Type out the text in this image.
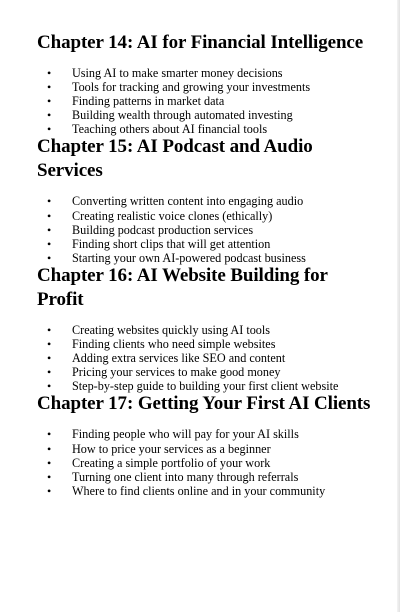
Chapter 14: AI for Financial Intelligence
• Using AI to make smarter money decisions
• Tools for tracking and growing your investments
• Finding patterns in market data
• Building wealth through automated investing
• Teaching others about AI financial tools
Chapter 15: AI Podcast and Audio Services
• Converting written content into engaging audio
• Creating realistic voice clones (ethically)
• Building podcast production services
• Finding short clips that will get attention
• Starting your own AI-powered podcast business
Chapter 16: AI Website Building for Profit
• Creating websites quickly using AI tools
• Finding clients who need simple websites
• Adding extra services like SEO and content
• Pricing your services to make good money
• Step-by-step guide to building your first client website
Chapter 17: Getting Your First AI Clients
• Finding people who will pay for your AI skills
• How to price your services as a beginner
• Creating a simple portfolio of your work
• Turning one client into many through referrals
• Where to find clients online and in your community
